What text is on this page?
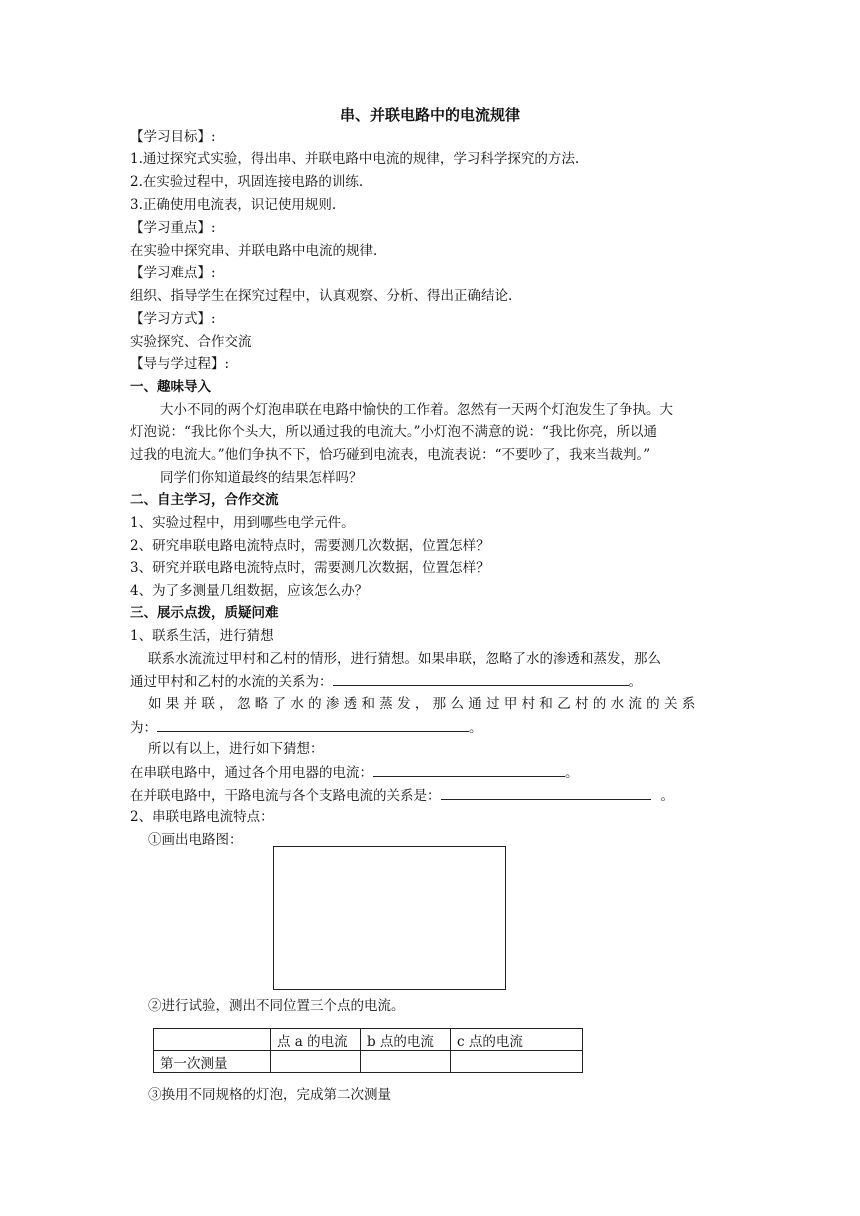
串、并联电路中的电流规律
【学习目标】:
1.通过探究式实验，得出串、并联电路中电流的规律，学习科学探究的方法.
2.在实验过程中，巩固连接电路的训练.
3.正确使用电流表，识记使用规则.
【学习重点】:
在实验中探究串、并联电路中电流的规律.
【学习难点】:
组织、指导学生在探究过程中，认真观察、分析、得出正确结论.
【学习方式】:
实验探究、合作交流
【导与学过程】:
一、趣味导入
大小不同的两个灯泡串联在电路中愉快的工作着。忽然有一天两个灯泡发生了争执。大
灯泡说：“我比你个头大，所以通过我的电流大。”小灯泡不满意的说：“我比你亮，所以通
过我的电流大。”他们争执不下，恰巧碰到电流表，电流表说：“不要吵了，我来当裁判。”
同学们你知道最终的结果怎样吗？
二、自主学习，合作交流
1、实验过程中，用到哪些电学元件。
2、研究串联电路电流特点时，需要测几次数据，位置怎样？
3、研究并联电路电流特点时，需要测几次数据，位置怎样？
4、为了多测量几组数据，应该怎么办？
三、展示点拨，质疑问难
1、联系生活，进行猜想
联系水流流过甲村和乙村的情形，进行猜想。如果串联，忽略了水的渗透和蒸发，那么
通过甲村和乙村的水流的关系为：	。
如 果 并 联 ， 忽 略 了 水 的 渗 透 和 蒸 发 ， 那 么 通 过 甲 村 和 乙 村 的 水 流 的 关 系
为：	。
所以有以上，进行如下猜想：
在串联电路中，通过各个用电器的电流：	。
在并联电路中，干路电流与各个支路电流的关系是：	。
2、串联电路电流特点：
①画出电路图：
②进行试验，测出不同位置三个点的电流。
	点 a 的电流	b 点的电流	c 点的电流
第一次测量			
③换用不同规格的灯泡，完成第二次测量
